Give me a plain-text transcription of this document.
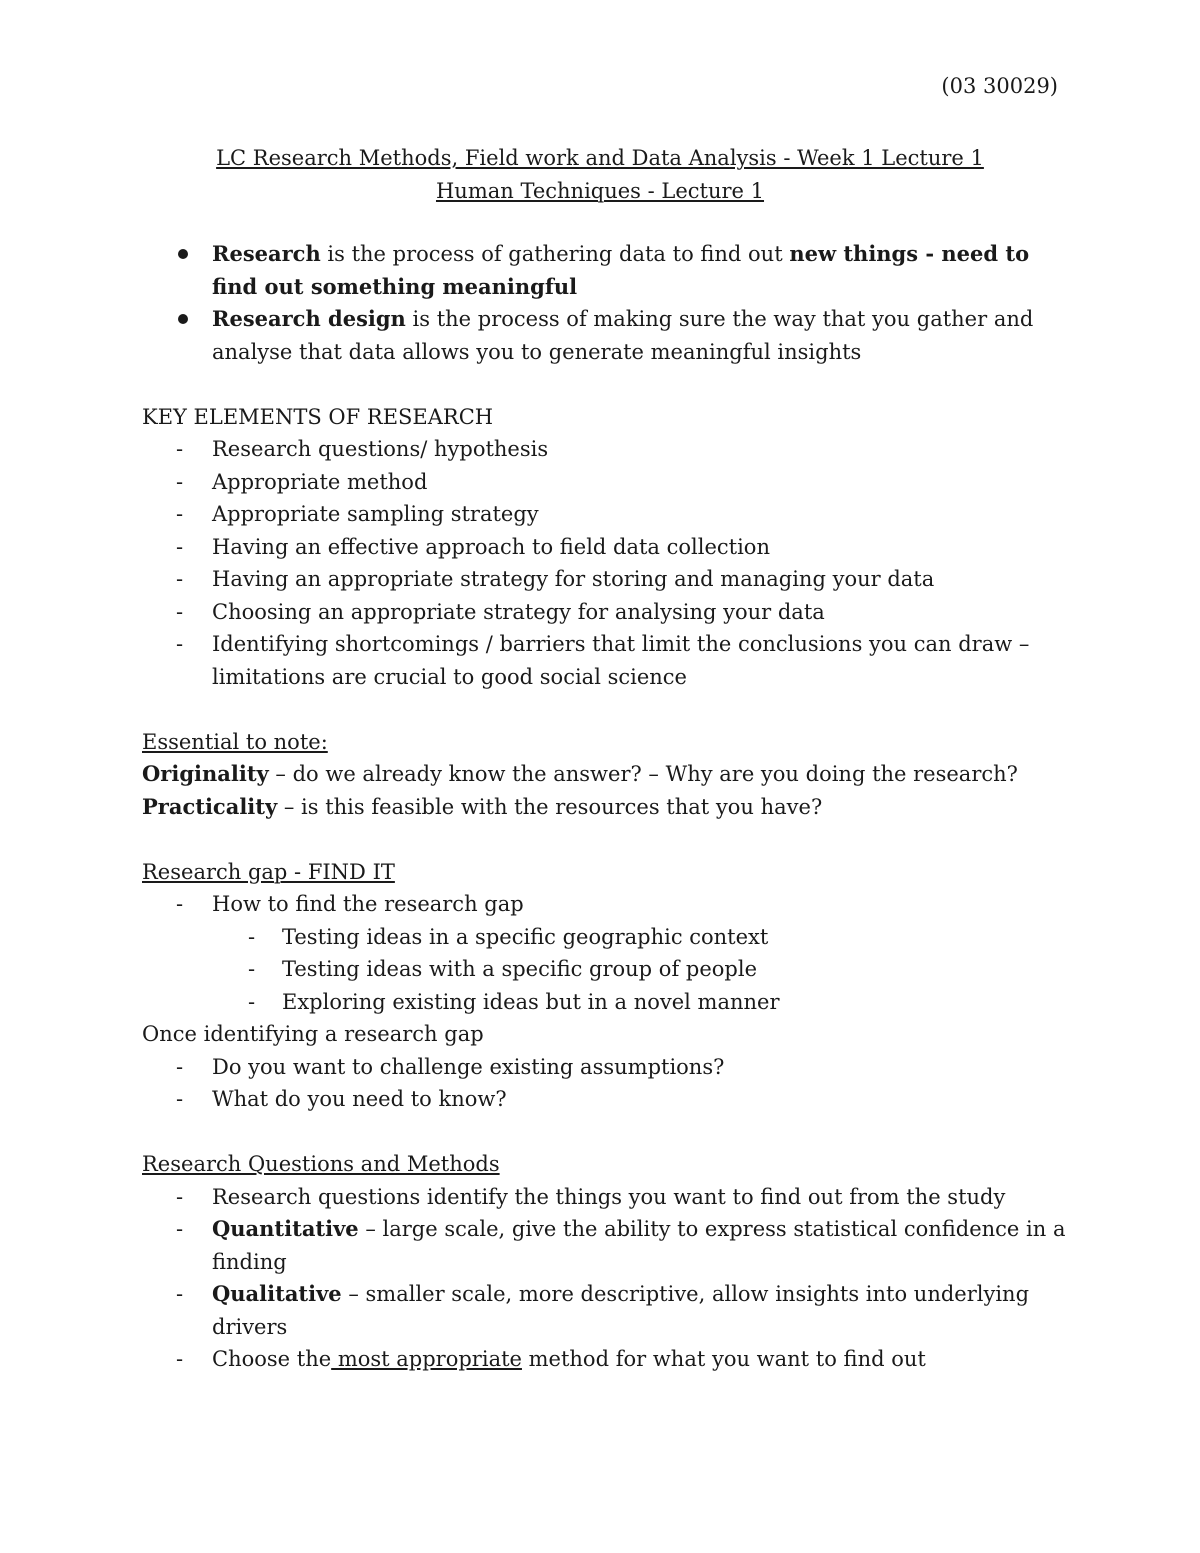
(03 30029)
LC Research Methods, Field work and Data Analysis - Week 1 Lecture 1
Human Techniques - Lecture 1
Research is the process of gathering data to find out new things - need to find out something meaningful
Research design is the process of making sure the way that you gather and analyse that data allows you to generate meaningful insights

KEY ELEMENTS OF RESEARCH

- Research questions/ hypothesis
- Appropriate method
- Appropriate sampling strategy
- Having an effective approach to field data collection
- Having an appropriate strategy for storing and managing your data
- Choosing an appropriate strategy for analysing your data
- Identifying shortcomings / barriers that limit the conclusions you can draw – limitations are crucial to good social science

Essential to note:

Originality – do we already know the answer? – Why are you doing the research?

Practicality – is this feasible with the resources that you have?

Research gap - FIND IT

- How to find the research gap
- Testing ideas in a specific geographic context
- Testing ideas with a specific group of people
- Exploring existing ideas but in a novel manner

Once identifying a research gap

- Do you want to challenge existing assumptions?
- What do you need to know?

Research Questions and Methods

- Research questions identify the things you want to find out from the study
- Quantitative – large scale, give the ability to express statistical confidence in a finding
- Qualitative – smaller scale, more descriptive, allow insights into underlying drivers
- Choose the most appropriate method for what you want to find out
